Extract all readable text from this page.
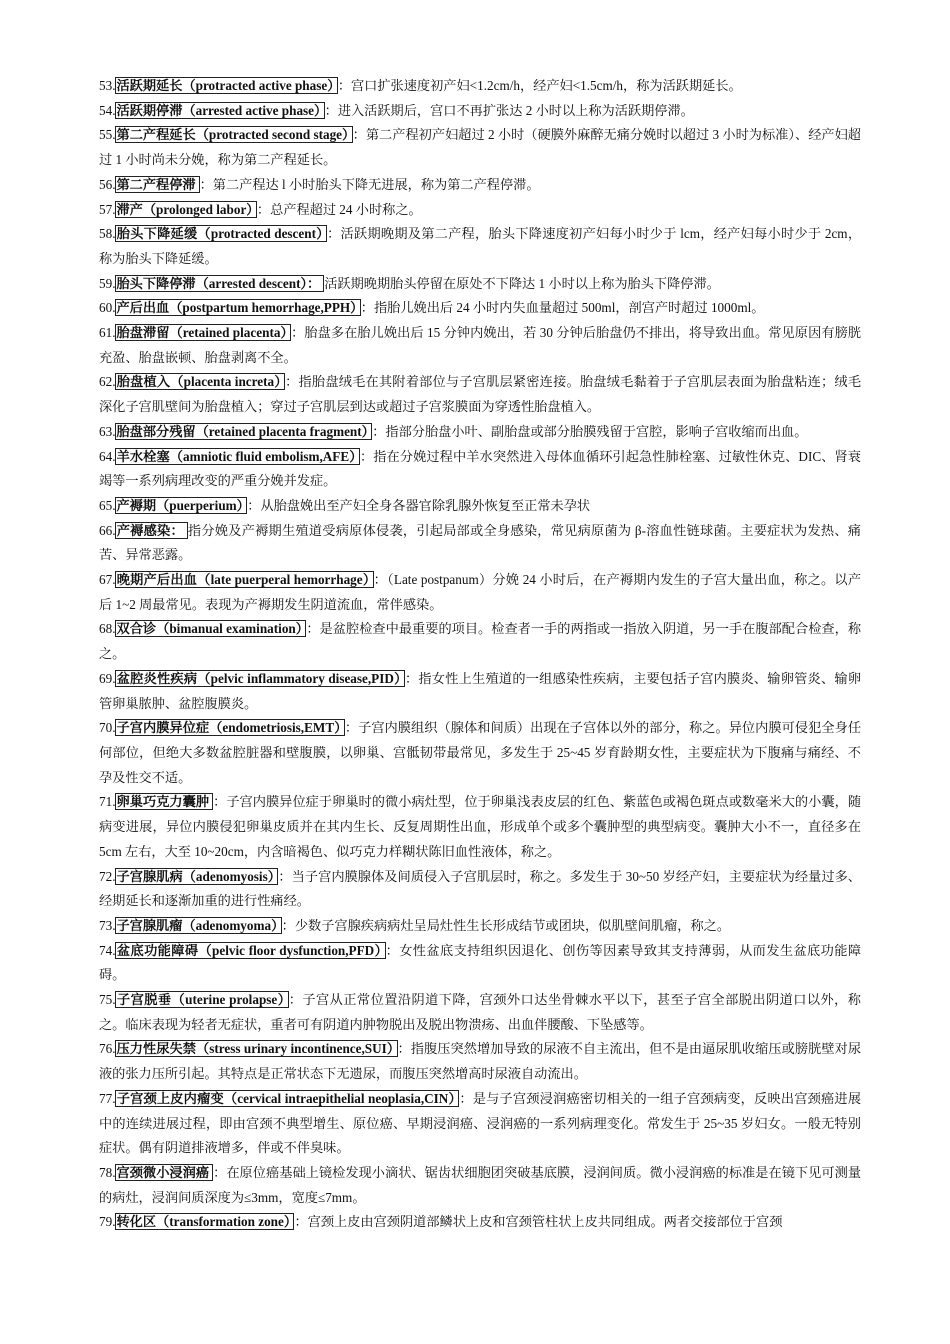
53.活跃期延长（protracted active phase） ：宫口扩张速度初产妇<1.2cm/h，经产妇<1.5cm/h，称为活跃期延长。

54.活跃期停滞（arrested active phase） ：进入活跃期后，宫口不再扩张达 2 小时以上称为活跃期停滞。

55.第二产程延长（protracted second stage） ：第二产程初产妇超过 2 小时（硬膜外麻醉无痛分娩时以超过 3 小时为标准）、经产妇超过 1 小时尚未分娩，称为第二产程延长。

56.第二产程停滞 ：第二产程达 l 小时胎头下降无进展，称为第二产程停滞。

57.滞产（prolonged labor） ：总产程超过 24 小时称之。

58.胎头下降延缓（protracted descent） ：活跃期晚期及第二产程，胎头下降速度初产妇每小时少于 lcm，经产妇每小时少于 2cm，称为胎头下降延缓。

59.胎头下降停滞（arrested descent）： 活跃期晚期胎头停留在原处不下降达 1 小时以上称为胎头下降停滞。

60.产后出血（postpartum hemorrhage,PPH） ：指胎儿娩出后 24 小时内失血量超过 500ml，剖宫产时超过 1000ml。

61.胎盘滞留（retained placenta） ：胎盘多在胎儿娩出后 15 分钟内娩出，若 30 分钟后胎盘仍不排出，将导致出血。常见原因有膀胱充盈、胎盘嵌顿、胎盘剥离不全。

62.胎盘植入（placenta increta） ：指胎盘绒毛在其附着部位与子宫肌层紧密连接。胎盘绒毛黏着于子宫肌层表面为胎盘粘连；绒毛深化子宫肌壁间为胎盘植入；穿过子宫肌层到达或超过子宫浆膜面为穿透性胎盘植入。

63.胎盘部分残留（retained placenta fragment） ：指部分胎盘小叶、副胎盘或部分胎膜残留于宫腔，影响子宫收缩而出血。

64.羊水栓塞（amniotic fluid embolism,AFE） ：指在分娩过程中羊水突然进入母体血循环引起急性肺栓塞、过敏性休克、DIC、肾衰竭等一系列病理改变的严重分娩并发症。

65.产褥期（puerperium） ：从胎盘娩出至产妇全身各器官除乳腺外恢复至正常未孕状

66.产褥感染： 指分娩及产褥期生殖道受病原体侵袭，引起局部或全身感染，常见病原菌为 β-溶血性链球菌。主要症状为发热、痛苦、异常恶露。

67.晚期产后出血（late puerperal hemorrhage） ：（Late postpanum）分娩 24 小时后，在产褥期内发生的子宫大量出血，称之。以产后 1~2 周最常见。表现为产褥期发生阴道流血，常伴感染。

68.双合诊（bimanual examination） ：是盆腔检查中最重要的项目。检查者一手的两指或一指放入阴道，另一手在腹部配合检查，称之。

69.盆腔炎性疾病（pelvic inflammatory disease,PID） ：指女性上生殖道的一组感染性疾病，主要包括子宫内膜炎、输卵管炎、输卵管卵巢脓肿、盆腔腹膜炎。

70.子宫内膜异位症（endometriosis,EMT） ：子宫内膜组织（腺体和间质）出现在子宫体以外的部分，称之。异位内膜可侵犯全身任何部位，但绝大多数盆腔脏器和壁腹膜，以卵巢、宫骶韧带最常见，多发生于 25~45 岁育龄期女性，主要症状为下腹痛与痛经、不孕及性交不适。

71.卵巢巧克力囊肿 ：子宫内膜异位症于卵巢时的微小病灶型，位于卵巢浅表皮层的红色、紫蓝色或褐色斑点或数毫米大的小囊，随病变进展，异位内膜侵犯卵巢皮质并在其内生长、反复周期性出血，形成单个或多个囊肿型的典型病变。囊肿大小不一，直径多在 5cm 左右，大至 10~20cm，内含暗褐色、似巧克力样糊状陈旧血性液体，称之。

72.子宫腺肌病（adenomyosis） ：当子宫内膜腺体及间质侵入子宫肌层时，称之。多发生于 30~50 岁经产妇，主要症状为经量过多、经期延长和逐渐加重的进行性痛经。

73.子宫腺肌瘤（adenomyoma） ：少数子宫腺疾病病灶呈局灶性生长形成结节或团块，似肌壁间肌瘤，称之。

74.盆底功能障碍（pelvic floor dysfunction,PFD） ：女性盆底支持组织因退化、创伤等因素导致其支持薄弱，从而发生盆底功能障碍。

75.子宫脱垂（uterine prolapse） ：子宫从正常位置沿阴道下降，宫颈外口达坐骨棘水平以下，甚至子宫全部脱出阴道口以外，称之。临床表现为轻者无症状，重者可有阴道内肿物脱出及脱出物溃疡、出血伴腰酸、下坠感等。

76.压力性尿失禁（stress urinary incontinence,SUI） ：指腹压突然增加导致的尿液不自主流出，但不是由逼尿肌收缩压或膀胱壁对尿液的张力压所引起。其特点是正常状态下无遗尿，而腹压突然增高时尿液自动流出。

77.子宫颈上皮内瘤变（cervical intraepithelial neoplasia,CIN） ：是与子宫颈浸润癌密切相关的一组子宫颈病变，反映出宫颈癌进展中的连续进展过程，即由宫颈不典型增生、原位癌、早期浸润癌、浸润癌的一系列病理变化。常发生于 25~35 岁妇女。一般无特别症状。偶有阴道排液增多，伴或不伴臭味。

78.宫颈微小浸润癌 ：在原位癌基础上镜检发现小滴状、锯齿状细胞团突破基底膜，浸润间质。微小浸润癌的标准是在镜下见可测量的病灶，浸润间质深度为≤3mm，宽度≤7mm。

79.转化区（transformation zone） ：宫颈上皮由宫颈阴道部鳞状上皮和宫颈管柱状上皮共同组成。两者交接部位于宫颈
